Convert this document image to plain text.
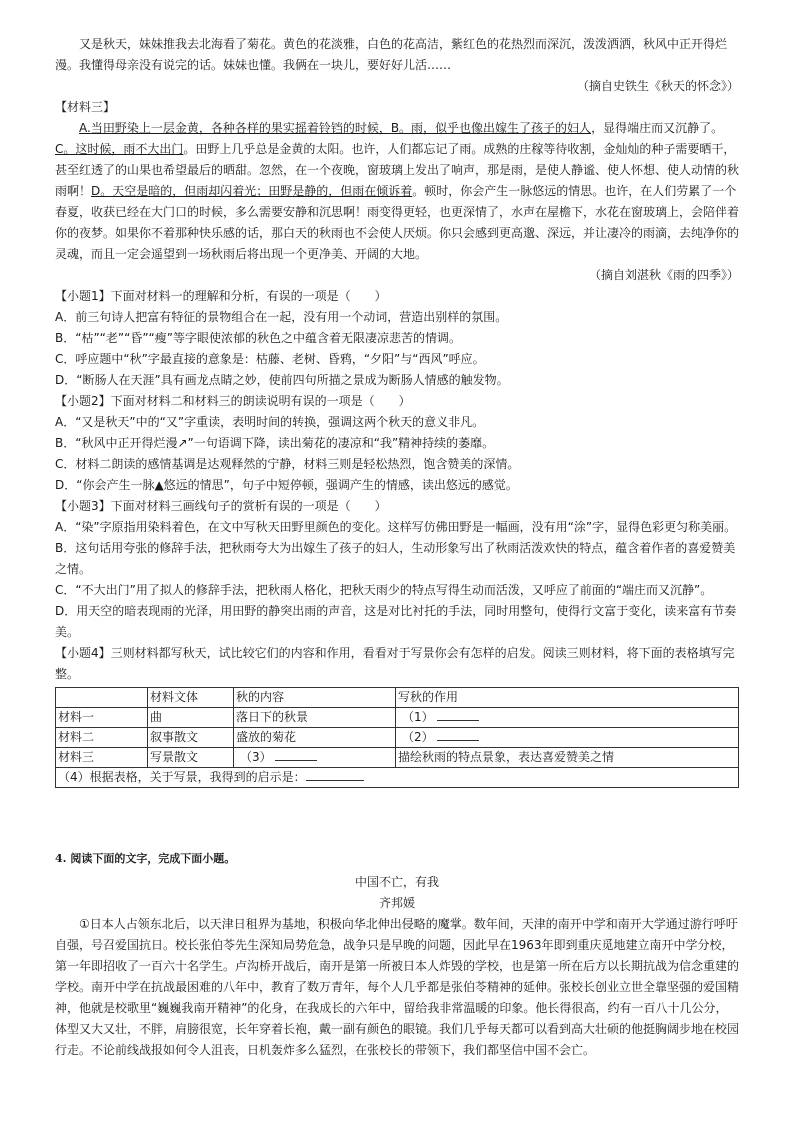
又是秋天，妹妹推我去北海看了菊花。黄色的花淡雅，白色的花高洁，紫红色的花热烈而深沉，泼泼洒洒，秋风中正开得烂漫。我懂得母亲没有说完的话。妹妹也懂。我俩在一块儿，要好好儿活……

（摘自史铁生《秋天的怀念》）

【材料三】

A.当田野染上一层金黄，各种各样的果实摇着铃铛的时候，B。雨，似乎也像出嫁生了孩子的妇人，显得端庄而又沉静了。C。这时候，雨不大出门。田野上几乎总是金黄的太阳。也许，人们都忘记了雨。成熟的庄稼等待收割，金灿灿的种子需要晒干，甚至红透了的山果也希望最后的晒甜。忽然，在一个夜晚，窗玻璃上发出了响声，那是雨，是使人静谧、使人怀想、使人动情的秋雨啊！D。天空是暗的，但雨却闪着光；田野是静的，但雨在倾诉着。顿时，你会产生一脉悠远的情思。也许，在人们劳累了一个春夏，收获已经在大门口的时候，多么需要安静和沉思啊！雨变得更轻，也更深情了，水声在屋檐下，水花在窗玻璃上，会陪伴着你的夜梦。如果你不着那种快乐感的话，那白天的秋雨也不会使人厌烦。你只会感到更高邈、深远，并让凄冷的雨滴，去纯净你的灵魂，而且一定会遥望到一场秋雨后将出现一个更净美、开阔的大地。

（摘自刘湛秋《雨的四季》）

【小题1】下面对材料一的理解和分析，有误的一项是（　　）

A．前三句诗人把富有特征的景物组合在一起，没有用一个动词，营造出别样的氛围。

B．“枯”“老”“昏”“瘦”等字眼使浓郁的秋色之中蕴含着无限凄凉悲苦的情调。

C．呼应题中“秋”字最直接的意象是：枯藤、老树、昏鸦，“夕阳”与“西风”呼应。

D．“断肠人在天涯”具有画龙点睛之妙，使前四句所描之景成为断肠人情感的触发物。

【小题2】下面对材料二和材料三的朗读说明有误的一项是（　　）

A．“又是秋天”中的“又”字重读，表明时间的转换，强调这两个秋天的意义非凡。

B．“秋风中正开得烂漫↗”一句语调下降，读出菊花的凄凉和“我”精神持续的萎靡。

C．材料二朗读的感情基调是达观释然的宁静，材料三则是轻松热烈，饱含赞美的深情。

D．“你会产生一脉▲悠远的情思”，句子中短停顿，强调产生的情感，读出悠远的感觉。

【小题3】下面对材料三画线句子的赏析有误的一项是（　　）

A．“染”字原指用染料着色，在文中写秋天田野里颜色的变化。这样写仿佛田野是一幅画，没有用“涂”字，显得色彩更匀称美丽。

B．这句话用夸张的修辞手法，把秋雨夸大为出嫁生了孩子的妇人，生动形象写出了秋雨活泼欢快的特点，蕴含着作者的喜爱赞美之情。

C．“不大出门”用了拟人的修辞手法，把秋雨人格化，把秋天雨少的特点写得生动而活泼，又呼应了前面的“端庄而又沉静”。

D．用天空的暗表现雨的光泽，用田野的静突出雨的声音，这是对比衬托的手法，同时用整句，使得行文富于变化，读来富有节奏美。

【小题4】三则材料都写秋天，试比较它们的内容和作用，看看对于写景你会有怎样的启发。阅读三则材料，将下面的表格填写完整。

	材料文体	秋的内容	写秋的作用
材料一	曲	落日下的秋景	（1）
材料二	叙事散文	盛放的菊花	（2）
材料三	写景散文	（3）	描绘秋雨的特点景象，表达喜爱赞美之情
（4）根据表格，关于写景，我得到的启示是：			
4. 阅读下面的文字，完成下面小题。

中国不亡，有我

齐邦媛

①日本人占领东北后，以天津日租界为基地，积极向华北伸出侵略的魔掌。数年间，天津的南开中学和南开大学通过游行呼吁自强，号召爱国抗日。校长张伯苓先生深知局势危急，战争只是早晚的问题，因此早在1963年即到重庆觅地建立南开中学分校，第一年即招收了一百六十名学生。卢沟桥开战后，南开是第一所被日本人炸毁的学校，也是第一所在后方以长期抗战为信念重建的学校。南开中学在抗战最困难的八年中，教育了数万青年，每个人几乎都是张伯苓精神的延伸。张校长创业立世全靠坚强的爱国精神，他就是校歌里“巍巍我南开精神”的化身，在我成长的六年中，留给我非常温暖的印象。他长得很高，约有一百八十几公分，体型又大又壮，不胖，肩膀很宽，长年穿着长袍，戴一副有颜色的眼镜。我们几乎每天都可以看到高大壮硕的他挺胸阔步地在校园行走。不论前线战报如何令人沮丧，日机轰炸多么猛烈，在张校长的带领下，我们都坚信中国不会亡。
